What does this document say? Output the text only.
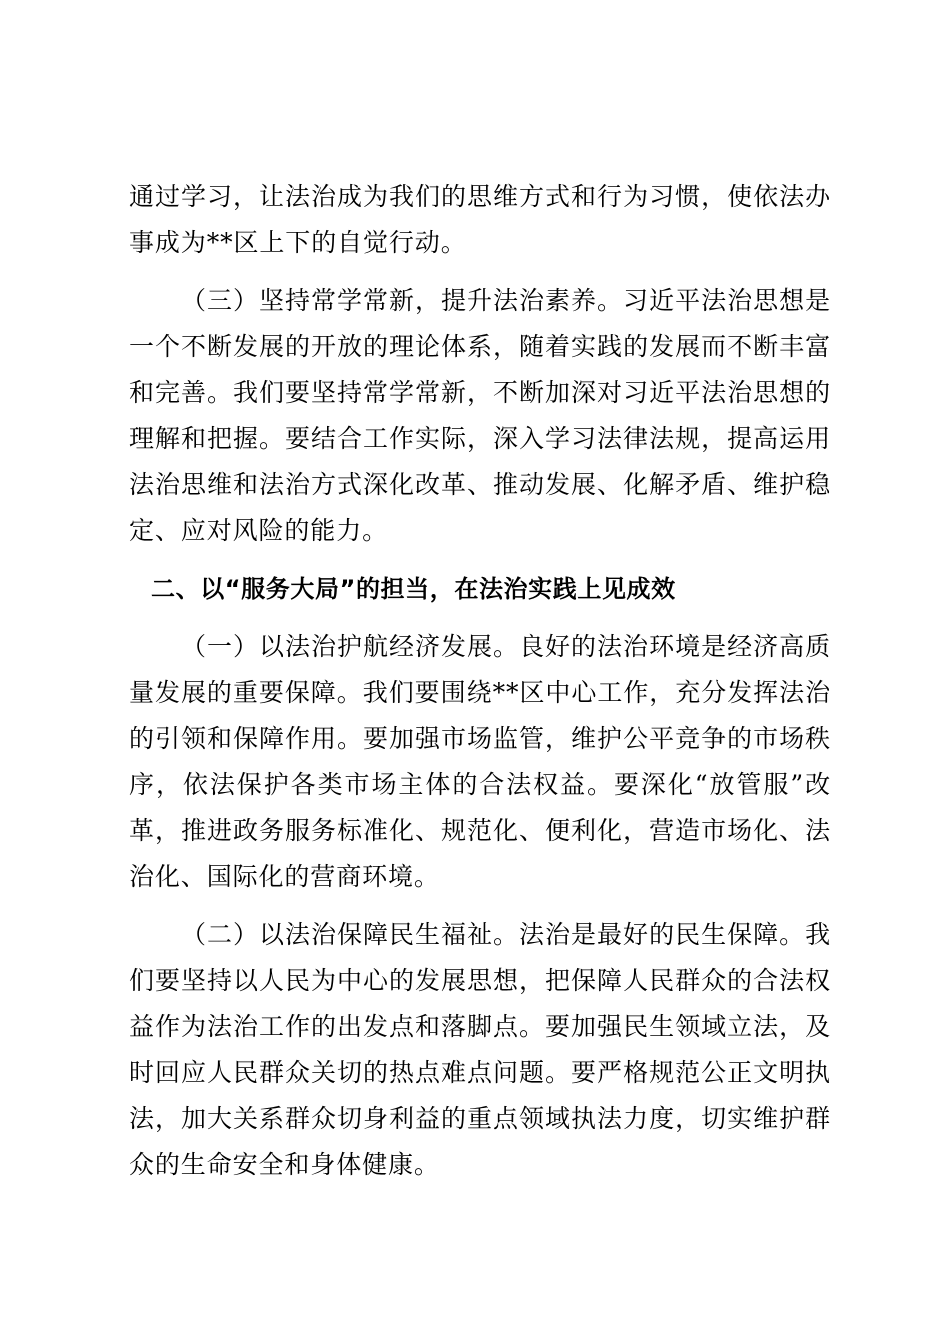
通过学习，让法治成为我们的思维方式和行为习惯，使依法办事成为**区上下的自觉行动。

（三）坚持常学常新，提升法治素养。习近平法治思想是一个不断发展的开放的理论体系，随着实践的发展而不断丰富和完善。我们要坚持常学常新，不断加深对习近平法治思想的理解和把握。要结合工作实际，深入学习法律法规，提高运用法治思维和法治方式深化改革、推动发展、化解矛盾、维护稳定、应对风险的能力。

二、以“服务大局”的担当，在法治实践上见成效

（一）以法治护航经济发展。良好的法治环境是经济高质量发展的重要保障。我们要围绕**区中心工作，充分发挥法治的引领和保障作用。要加强市场监管，维护公平竞争的市场秩序，依法保护各类市场主体的合法权益。要深化“放管服”改革，推进政务服务标准化、规范化、便利化，营造市场化、法治化、国际化的营商环境。

（二）以法治保障民生福祉。法治是最好的民生保障。我们要坚持以人民为中心的发展思想，把保障人民群众的合法权益作为法治工作的出发点和落脚点。要加强民生领域立法，及时回应人民群众关切的热点难点问题。要严格规范公正文明执法，加大关系群众切身利益的重点领域执法力度，切实维护群众的生命安全和身体健康。
